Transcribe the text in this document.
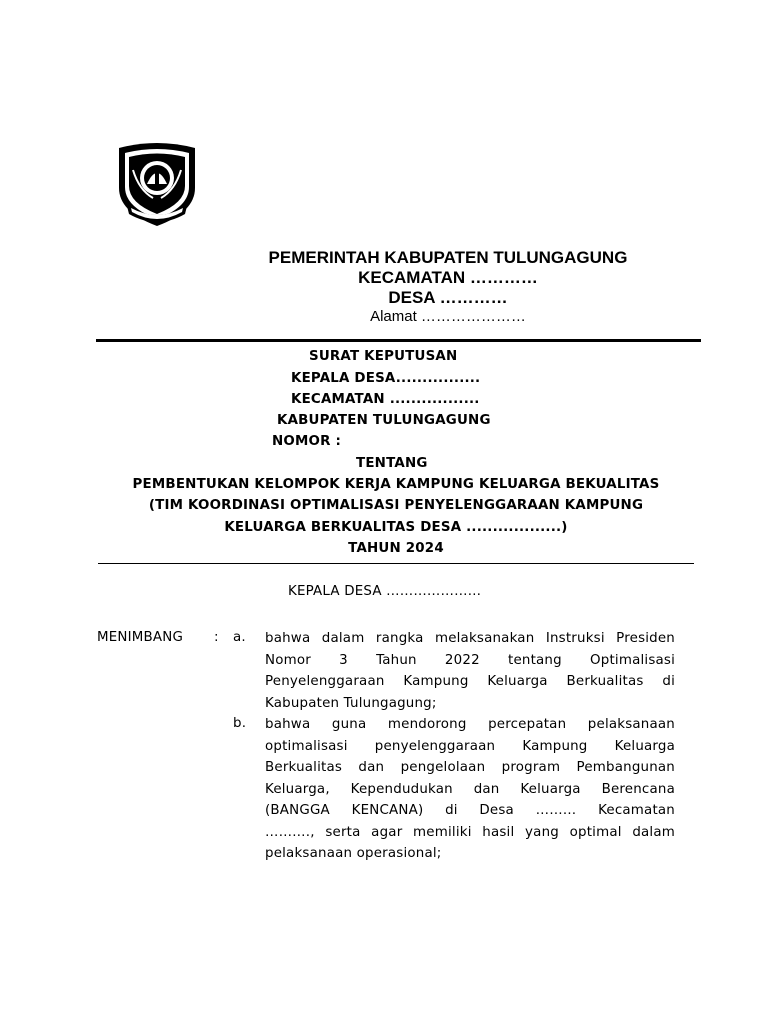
PEMERINTAH KABUPATEN TULUNGAGUNG
KECAMATAN …………
DESA …………
Alamat …………………
SURAT KEPUTUSAN
KEPALA DESA................
KECAMATAN .................
KABUPATEN TULUNGAGUNG
NOMOR :
TENTANG
PEMBENTUKAN KELOMPOK KERJA KAMPUNG KELUARGA BEKUALITAS
(TIM KOORDINASI OPTIMALISASI PENYELENGGARAAN KAMPUNG
KELUARGA BERKUALITAS DESA ..................)
TAHUN 2024
KEPALA DESA …………………
MENIMBANG : a. bahwa dalam rangka melaksanakan Instruksi Presiden
Nomor 3 Tahun 2022 tentang Optimalisasi
Penyelenggaraan Kampung Keluarga Berkualitas di
Kabupaten Tulungagung;
b. bahwa guna mendorong percepatan pelaksanaan
optimalisasi penyelenggaraan Kampung Keluarga
Berkualitas dan pengelolaan program Pembangunan
Keluarga, Kependudukan dan Keluarga Berencana
(BANGGA KENCANA) di Desa ……… Kecamatan
………., serta agar memiliki hasil yang optimal dalam
pelaksanaan operasional;
